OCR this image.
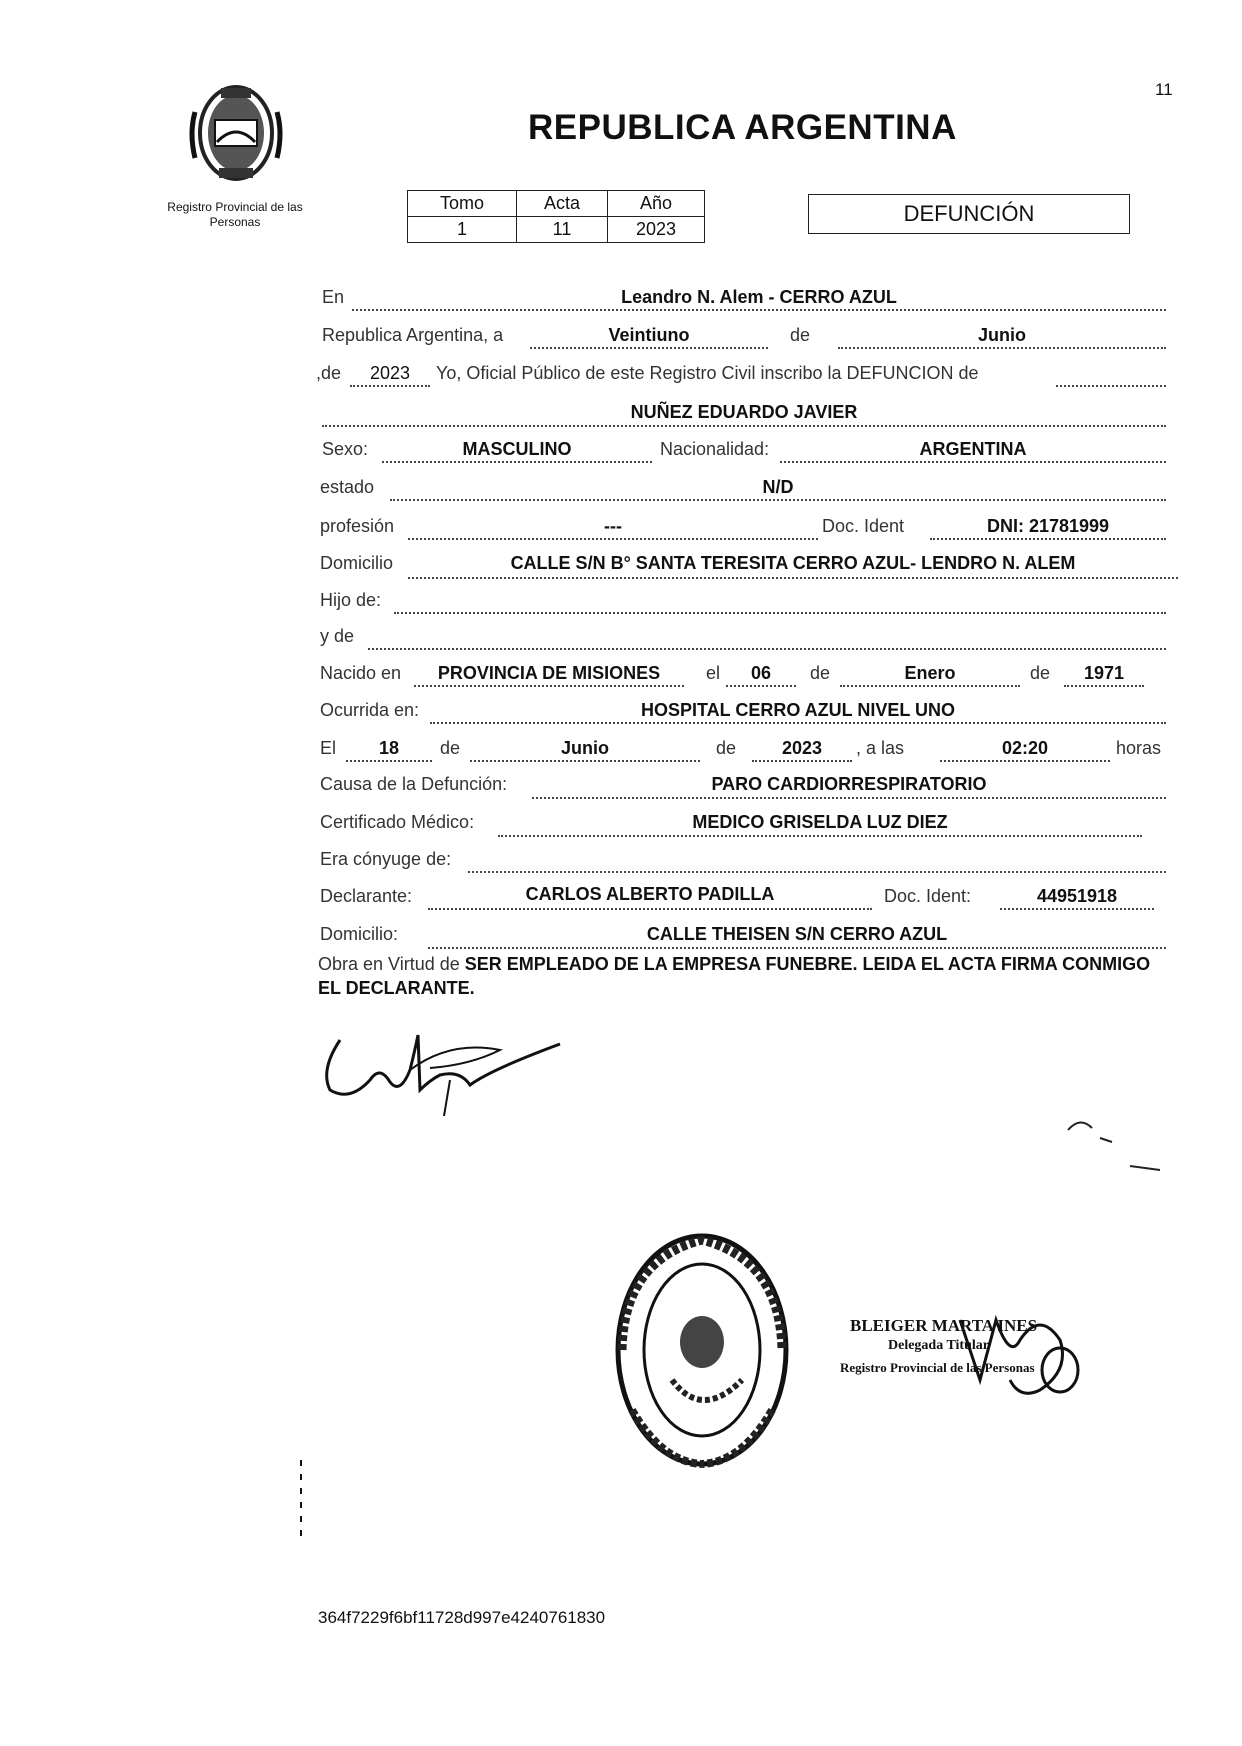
11
Registro Provincial de las Personas
REPUBLICA ARGENTINA
Tomo	Acta	Año
1	11	2023
DEFUNCIÓN
En	Leandro N. Alem - CERRO AZUL
Republica Argentina, a	Veintiuno	de	Junio
,de	2023	Yo, Oficial Público de este Registro Civil inscribo la DEFUNCION de
NUÑEZ EDUARDO JAVIER
Sexo:	MASCULINO	Nacionalidad:	ARGENTINA
estado	N/D
profesión	---	Doc. Ident	DNI: 21781999
Domicilio	CALLE S/N B° SANTA TERESITA CERRO AZUL- LENDRO N. ALEM
Hijo de:
y de
Nacido en	PROVINCIA DE MISIONES	el	06	de	Enero	de	1971
Ocurrida en:	HOSPITAL CERRO AZUL NIVEL UNO
El	18	de	Junio	de	2023	, a las	02:20	horas
Causa de la Defunción:	PARO CARDIORRESPIRATORIO
Certificado Médico:	MEDICO GRISELDA LUZ DIEZ
Era cónyuge de:
Declarante:	CARLOS ALBERTO PADILLA	Doc. Ident:	44951918
Domicilio:	CALLE THEISEN S/N CERRO AZUL
Obra en Virtud de SER EMPLEADO DE LA EMPRESA FUNEBRE. LEIDA EL ACTA FIRMA CONMIGO EL DECLARANTE.
BLEIGER MARTA INES
Delegada Titular
Registro Provincial de las Personas
364f7229f6bf11728d997e4240761830
